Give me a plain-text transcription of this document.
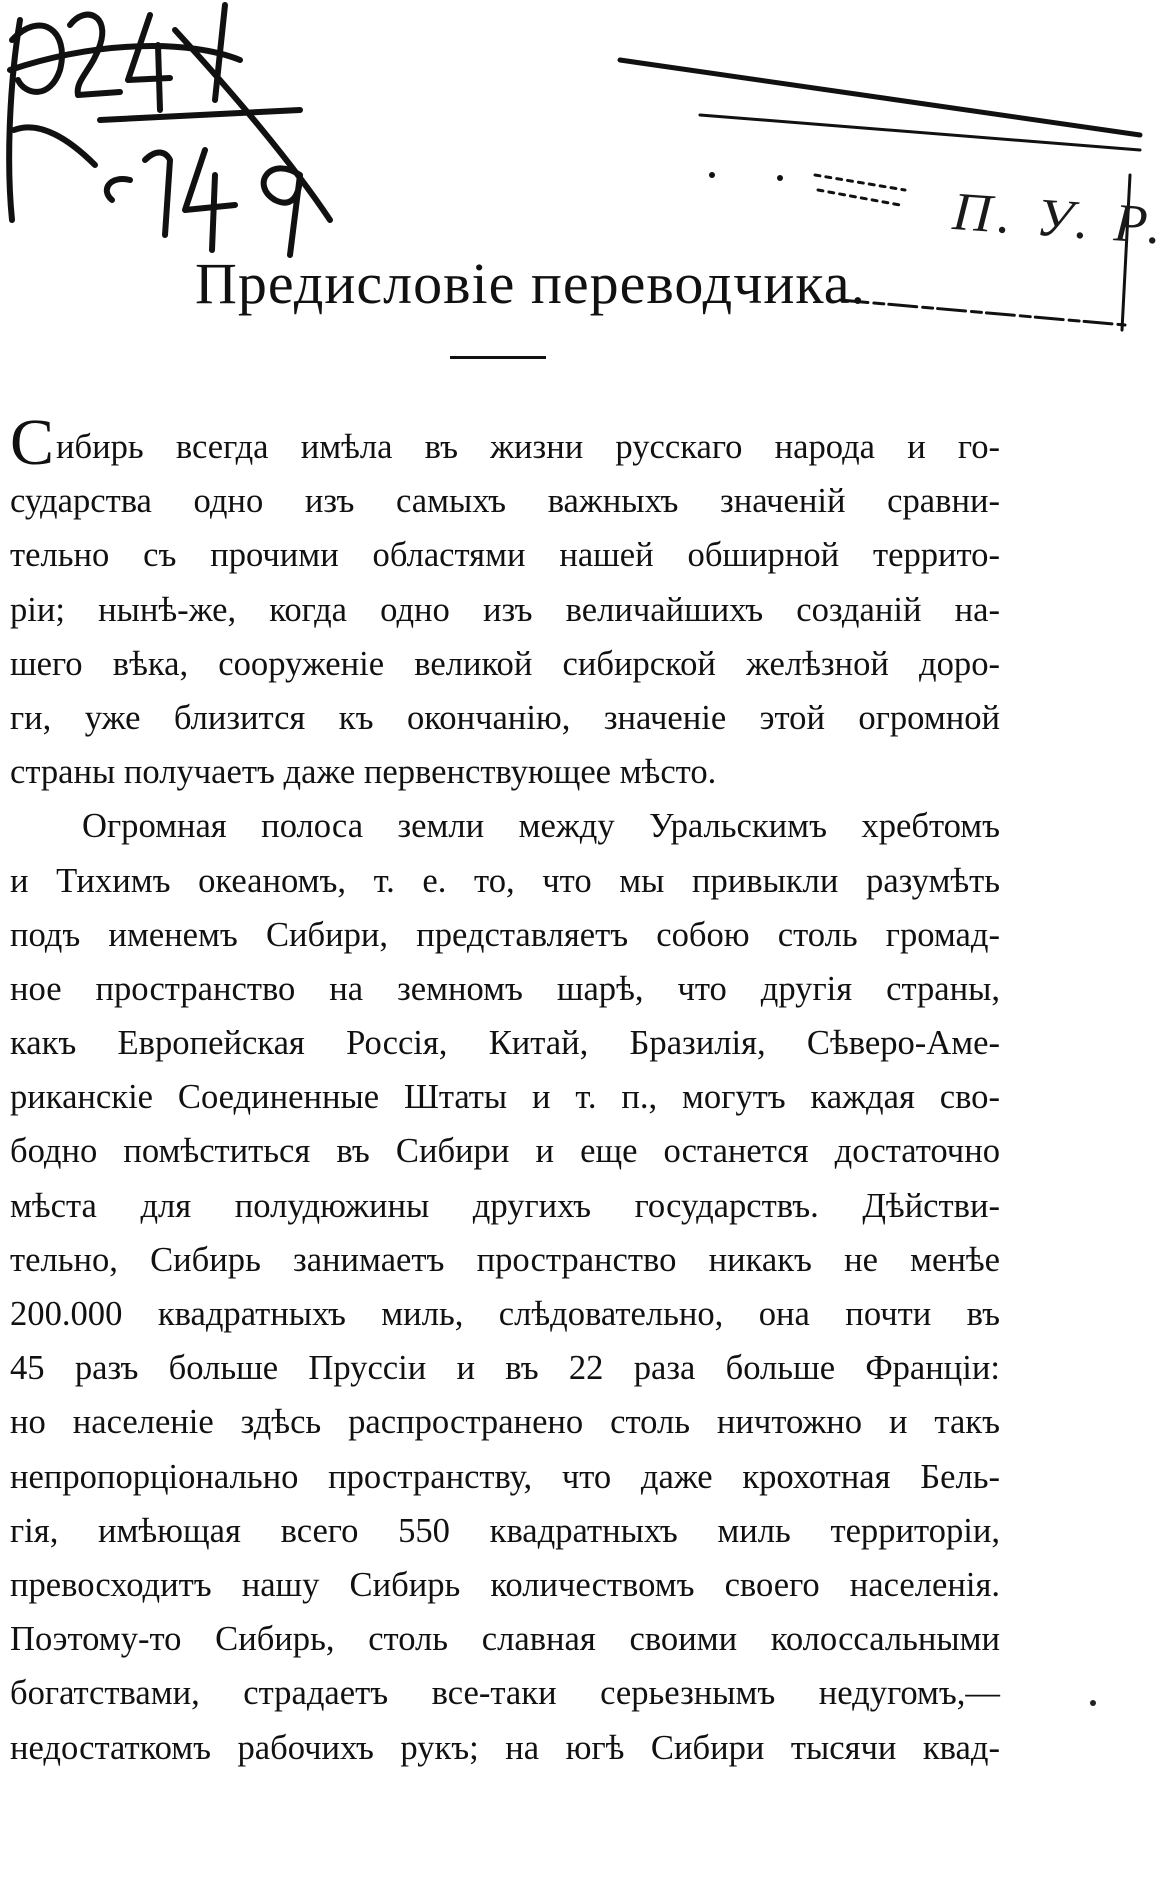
П. У. Р.
Предисловіе переводчика.
Сибирь всегда имѣла въ жизни русскаго народа и го-
сударства одно изъ самыхъ важныхъ значеній сравни-
тельно съ прочими областями нашей обширной террито-
ріи; нынѣ-же, когда одно изъ величайшихъ созданій на-
шего вѣка, сооруженіе великой сибирской желѣзной доро-
ги, уже близится къ окончанію, значеніе этой огромной
страны получаетъ даже первенствующее мѣсто.
Огромная полоса земли между Уральскимъ хребтомъ
и Тихимъ океаномъ, т. е. то, что мы привыкли разумѣть
подъ именемъ Сибири, представляетъ собою столь громад-
ное пространство на земномъ шарѣ, что другія страны,
какъ Европейская Россія, Китай, Бразилія, Сѣверо-Аме-
риканскіе Соединенные Штаты и т. п., могутъ каждая сво-
бодно помѣститься въ Сибири и еще останется достаточно
мѣста для полудюжины другихъ государствъ. Дѣйстви-
тельно, Сибирь занимаетъ пространство никакъ не менѣе
200.000 квадратныхъ миль, слѣдовательно, она почти въ
45 разъ больше Пруссіи и въ 22 раза больше Франціи:
но населеніе здѣсь распространено столь ничтожно и такъ
непропорціонально пространству, что даже крохотная Бель-
гія, имѣющая всего 550 квадратныхъ миль территоріи,
превосходитъ нашу Сибирь количествомъ своего населенія.
Поэтому-то Сибирь, столь славная своими колоссальными
богатствами, страдаетъ все-таки серьезнымъ недугомъ,—
недостаткомъ рабочихъ рукъ; на югѣ Сибири тысячи квад-
